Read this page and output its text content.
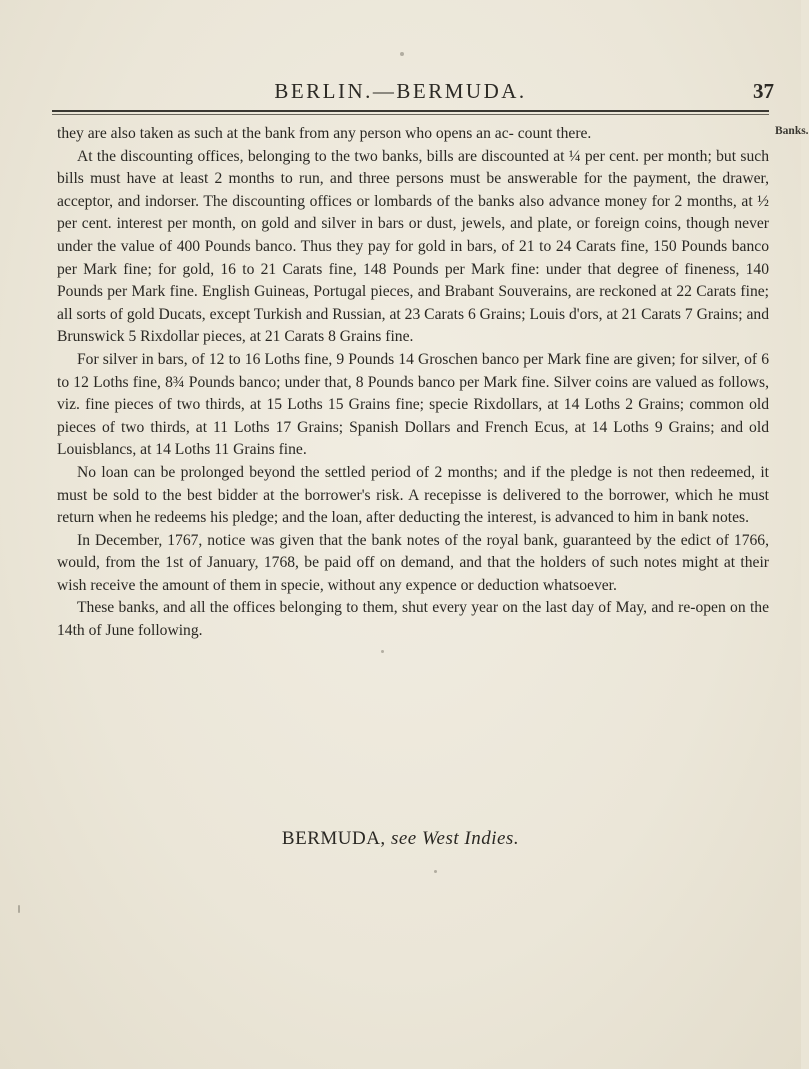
BERLIN.—BERMUDA.	37
Banks.

they are also taken as such at the bank from any person who opens an ac- count there.

At the discounting offices, belonging to the two banks, bills are discounted at ¼ per cent. per month; but such bills must have at least 2 months to run, and three persons must be answerable for the payment, the drawer, acceptor, and indorser. The discounting offices or lombards of the banks also advance money for 2 months, at ½ per cent. interest per month, on gold and silver in bars or dust, jewels, and plate, or foreign coins, though never under the value of 400 Pounds banco. Thus they pay for gold in bars, of 21 to 24 Carats fine, 150 Pounds banco per Mark fine; for gold, 16 to 21 Carats fine, 148 Pounds per Mark fine: under that degree of fineness, 140 Pounds per Mark fine. English Guineas, Portugal pieces, and Brabant Souverains, are reckoned at 22 Carats fine; all sorts of gold Ducats, except Turkish and Russian, at 23 Carats 6 Grains; Louis d'ors, at 21 Carats 7 Grains; and Brunswick 5 Rixdollar pieces, at 21 Carats 8 Grains fine.

For silver in bars, of 12 to 16 Loths fine, 9 Pounds 14 Groschen banco per Mark fine are given; for silver, of 6 to 12 Loths fine, 8¾ Pounds banco; under that, 8 Pounds banco per Mark fine. Silver coins are valued as follows, viz. fine pieces of two thirds, at 15 Loths 15 Grains fine; specie Rixdollars, at 14 Loths 2 Grains; common old pieces of two thirds, at 11 Loths 17 Grains; Spanish Dollars and French Ecus, at 14 Loths 9 Grains; and old Louisblancs, at 14 Loths 11 Grains fine.

No loan can be prolonged beyond the settled period of 2 months; and if the pledge is not then redeemed, it must be sold to the best bidder at the borrower's risk. A recepisse is delivered to the borrower, which he must return when he redeems his pledge; and the loan, after deducting the interest, is advanced to him in bank notes.

In December, 1767, notice was given that the bank notes of the royal bank, guaranteed by the edict of 1766, would, from the 1st of January, 1768, be paid off on demand, and that the holders of such notes might at their wish receive the amount of them in specie, without any expence or deduction whatsoever.

These banks, and all the offices belonging to them, shut every year on the last day of May, and re-open on the 14th of June following.

BERMUDA, see West Indies.
